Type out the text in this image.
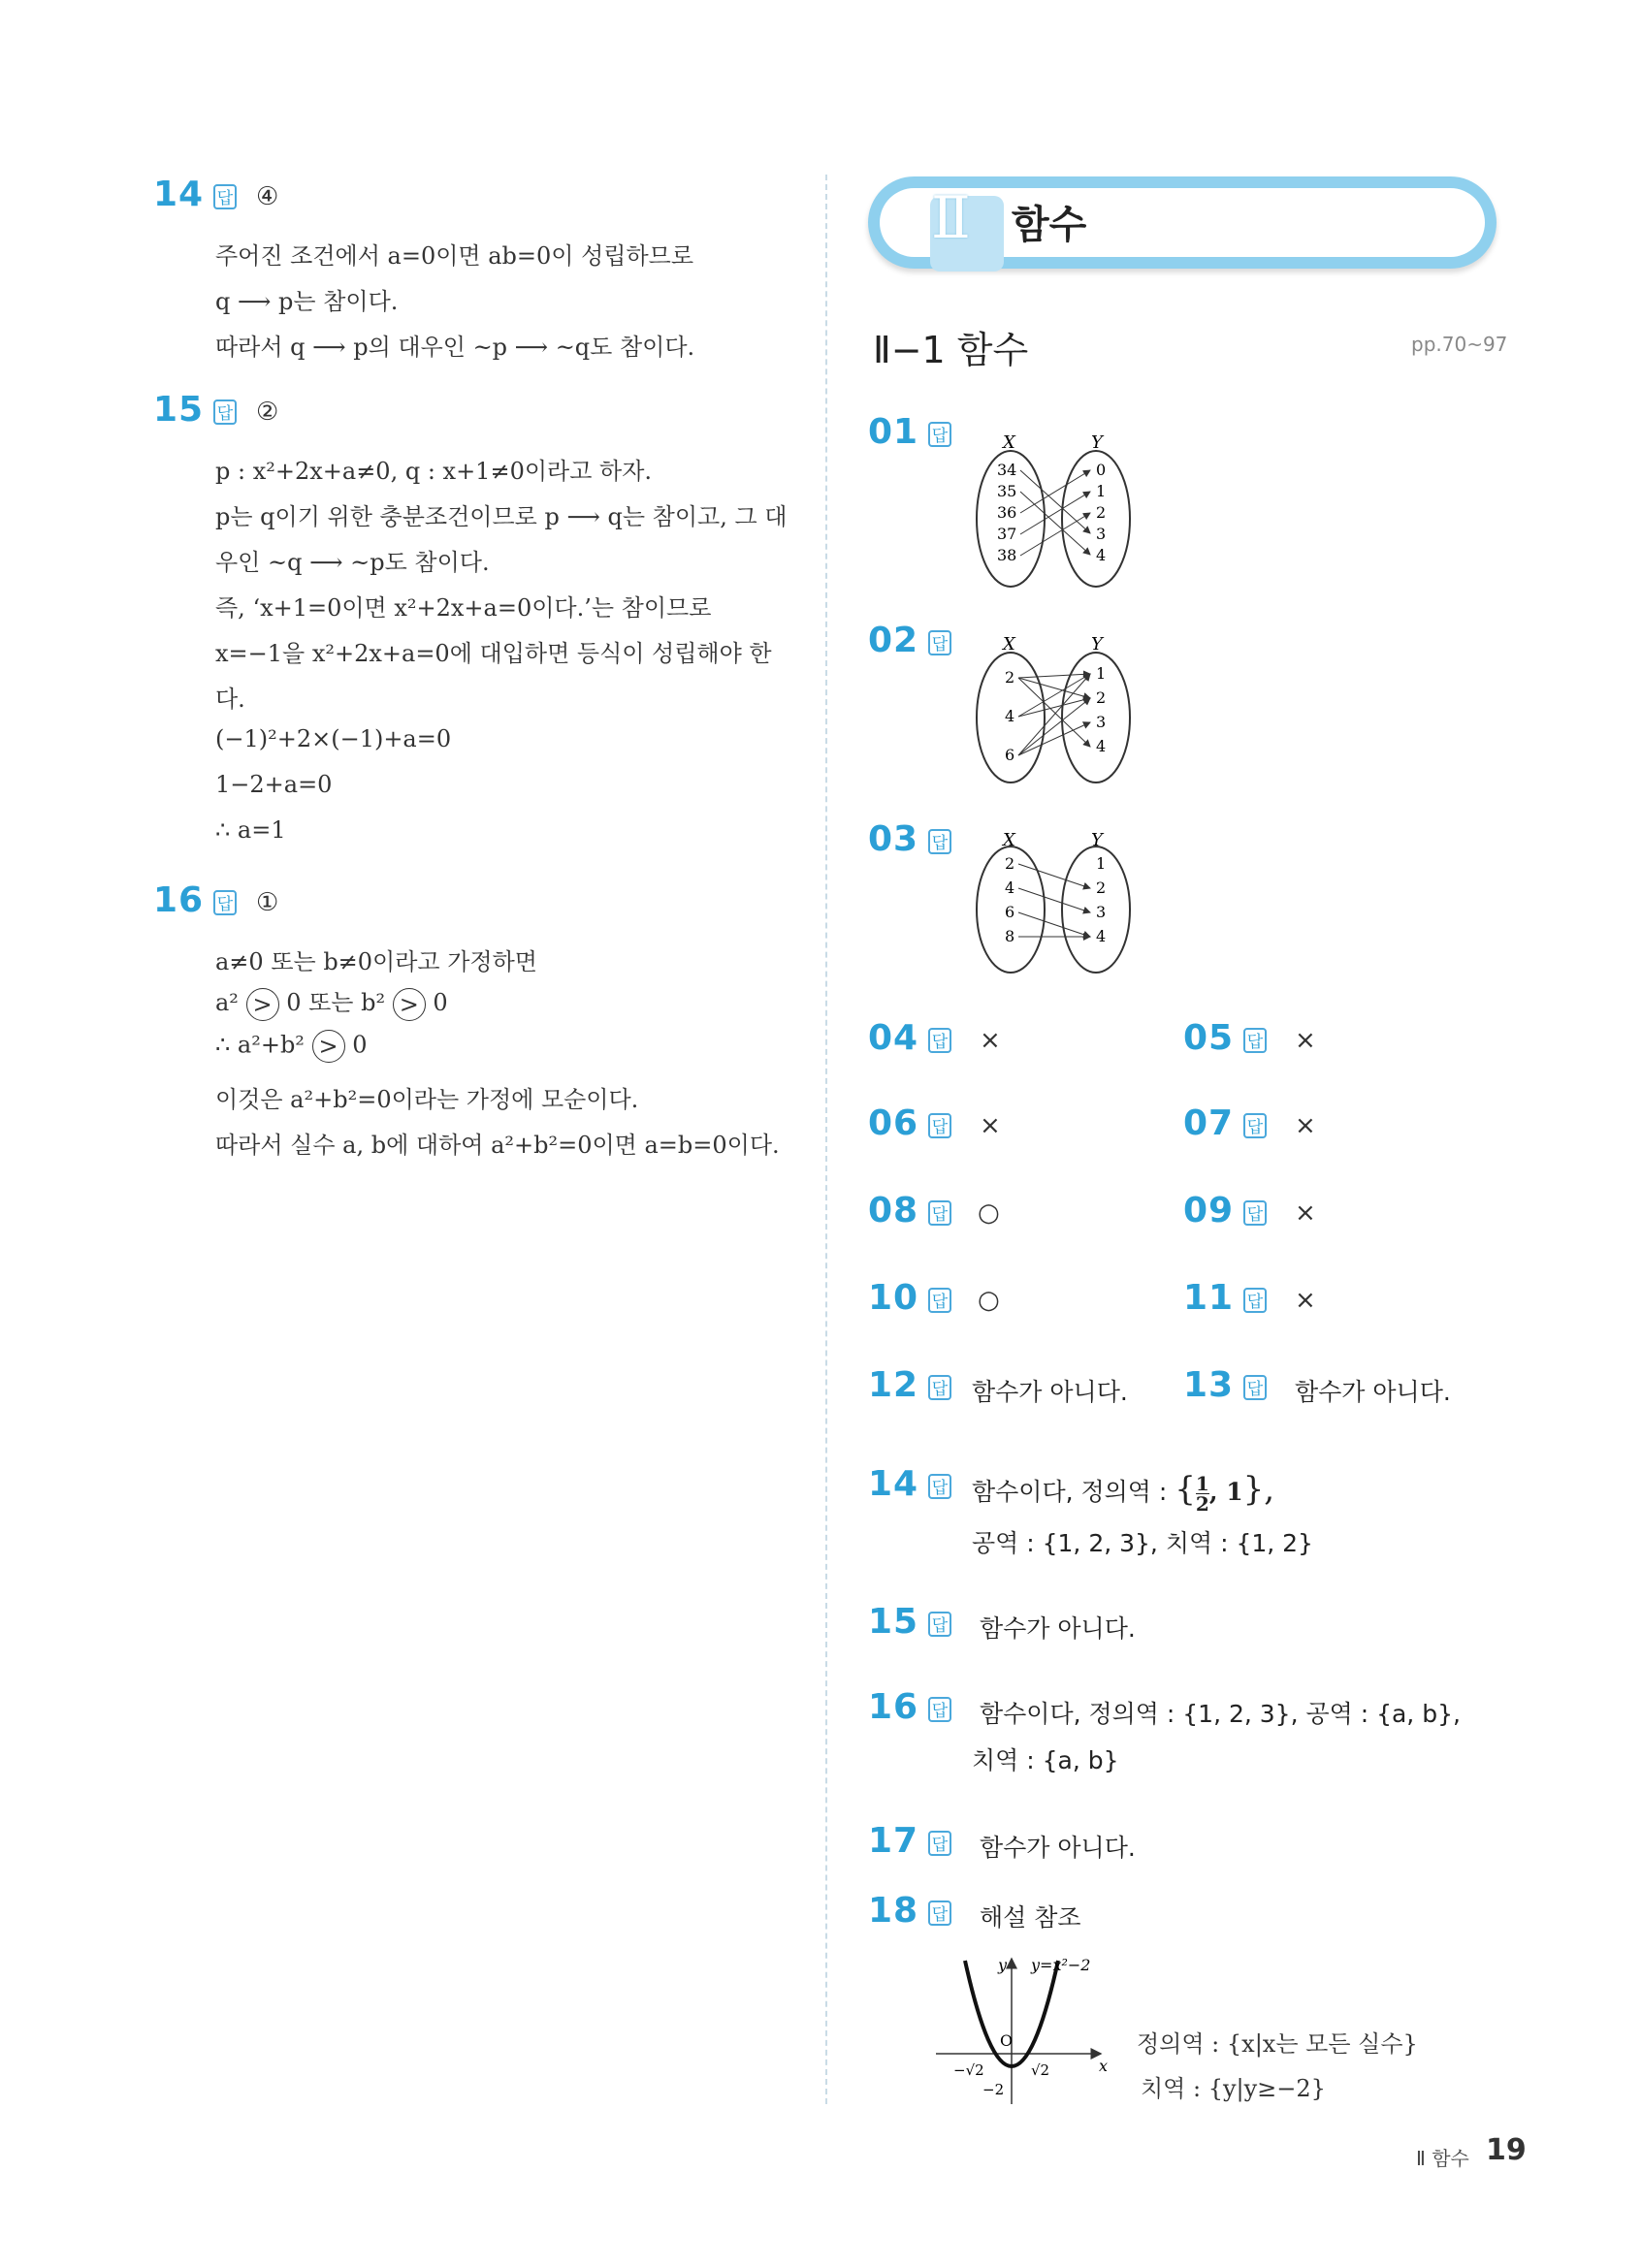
14 답 ④
주어진 조건에서 a=0이면 ab=0이 성립하므로
q ⟶ p는 참이다.
따라서 q ⟶ p의 대우인 ~p ⟶ ~q도 참이다.
15 답 ②
p : x²+2x+a≠0, q : x+1≠0이라고 하자.
p는 q이기 위한 충분조건이므로 p ⟶ q는 참이고, 그 대
우인 ~q ⟶ ~p도 참이다.
즉, ‘x+1=0이면 x²+2x+a=0이다.’는 참이므로
x=−1을 x²+2x+a=0에 대입하면 등식이 성립해야 한
다.
(−1)²+2×(−1)+a=0
1−2+a=0
∴ a=1
16 답 ①
a≠0 또는 b≠0이라고 가정하면
a² > 0 또는 b² > 0
∴ a²+b² > 0
이것은 a²+b²=0이라는 가정에 모순이다.
따라서 실수 a, b에 대하여 a²+b²=0이면 a=b=0이다.
Ⅱ 함수
Ⅱ−1 함수	pp.70~97
01 답	X	Y
34
35
36
37
38
0
1
2
3
4
02 답	X	Y
2
4
6
1
2
3
4
03 답	X	Y
2
4
6
8
1
2
3
4
04 답 ×	05 답 ×
06 답 ×	07 답 ×
08 답 ○	09 답 ×
10 답 ○	11 답 ×
12 답 함수가 아니다. 13 답 함수가 아니다.
14 답 함수이다, 정의역 : { $\frac{1}{2}$ , 1},
공역 : {1, 2, 3}, 치역 : {1, 2}
15 답 함수가 아니다.
16 답 함수이다, 정의역 : {1, 2, 3}, 공역 : {a, b},
치역 : {a, b}
17 답 함수가 아니다.
18 답 해설 참조
y y=x²−2
O
x
−√2	√2
−2
정의역 : {x|x는 모든 실수}
치역 : {y|y≥−2}
Ⅱ 함수 19
